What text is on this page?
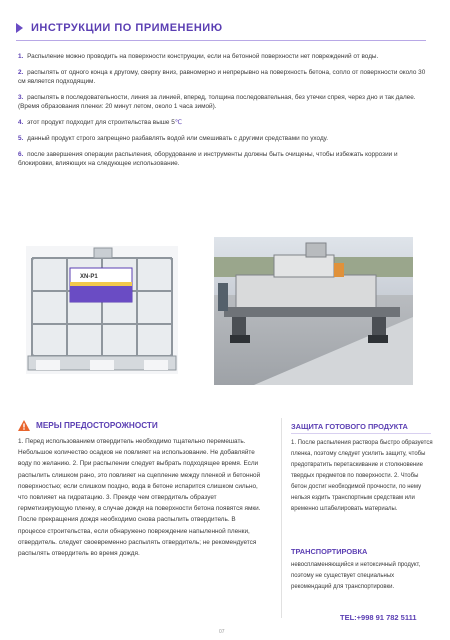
ИНСТРУКЦИИ ПО ПРИМЕНЕНИЮ

1. Распыление можно проводить на поверхности конструкции, если на бетонной поверхности нет повреждений от воды.

2. распылять от одного конца к другому, сверху вниз, равномерно и непрерывно на поверхность бетона, сопло от поверхности около 30 см является подходящим.

3. распылять в последовательности, линия за линией, вперед, толщина последовательная, без утечки спрея, через дно и так далее. (Время образования пленки: 20 минут летом, около 1 часа зимой).

4. этот продукт подходит для строительства выше 5℃

5. данный продукт строго запрещено разбавлять водой или смешивать с другими средствами по уходу.

6. после завершения операции распыления, оборудование и инструменты должны быть очищены, чтобы избежать коррозии и блокировки, влияющих на следующее использование.

XN-P1
МЕРЫ ПРЕДОСТОРОЖНОСТИ
1. Перед использованием отвердитель необходимо тщательно перемешать. Небольшое количество осадков не повлияет на использование. Не добавляйте воду по желанию. 2. При распылении следует выбрать подходящее время. Если распылить слишком рано, это повлияет на сцепление между пленкой и бетонной поверхностью; если слишком поздно, вода в бетоне испарится слишком сильно, что повлияет на гидратацию. 3. Прежде чем отвердитель образует герметизирующую пленку, в случае дождя на поверхности бетона появятся ямки. После прекращения дождя необходимо снова распылить отвердитель. В процессе строительства, если обнаружено повреждение напыленной пленки, отвердитель. следует своевременно распылять отвердитель; не рекомендуется распылять отвердитель во время дождя.
ЗАЩИТА ГОТОВОГО ПРОДУКТА
1. После распыления раствора быстро образуется пленка, поэтому следует усилить защиту, чтобы предотвратить перетаскивание и столкновение твердых предметов по поверхности. 2. Чтобы бетон достиг необходимой прочности, по нему нельзя ездить транспортным средствам или временно штабелировать материалы.
ТРАНСПОРТИРОВКА
невоспламеняющийся и нетоксичный продукт, поэтому не существует специальных рекомендаций для транспортировки.
TEL:+998 91 782 5111
07
